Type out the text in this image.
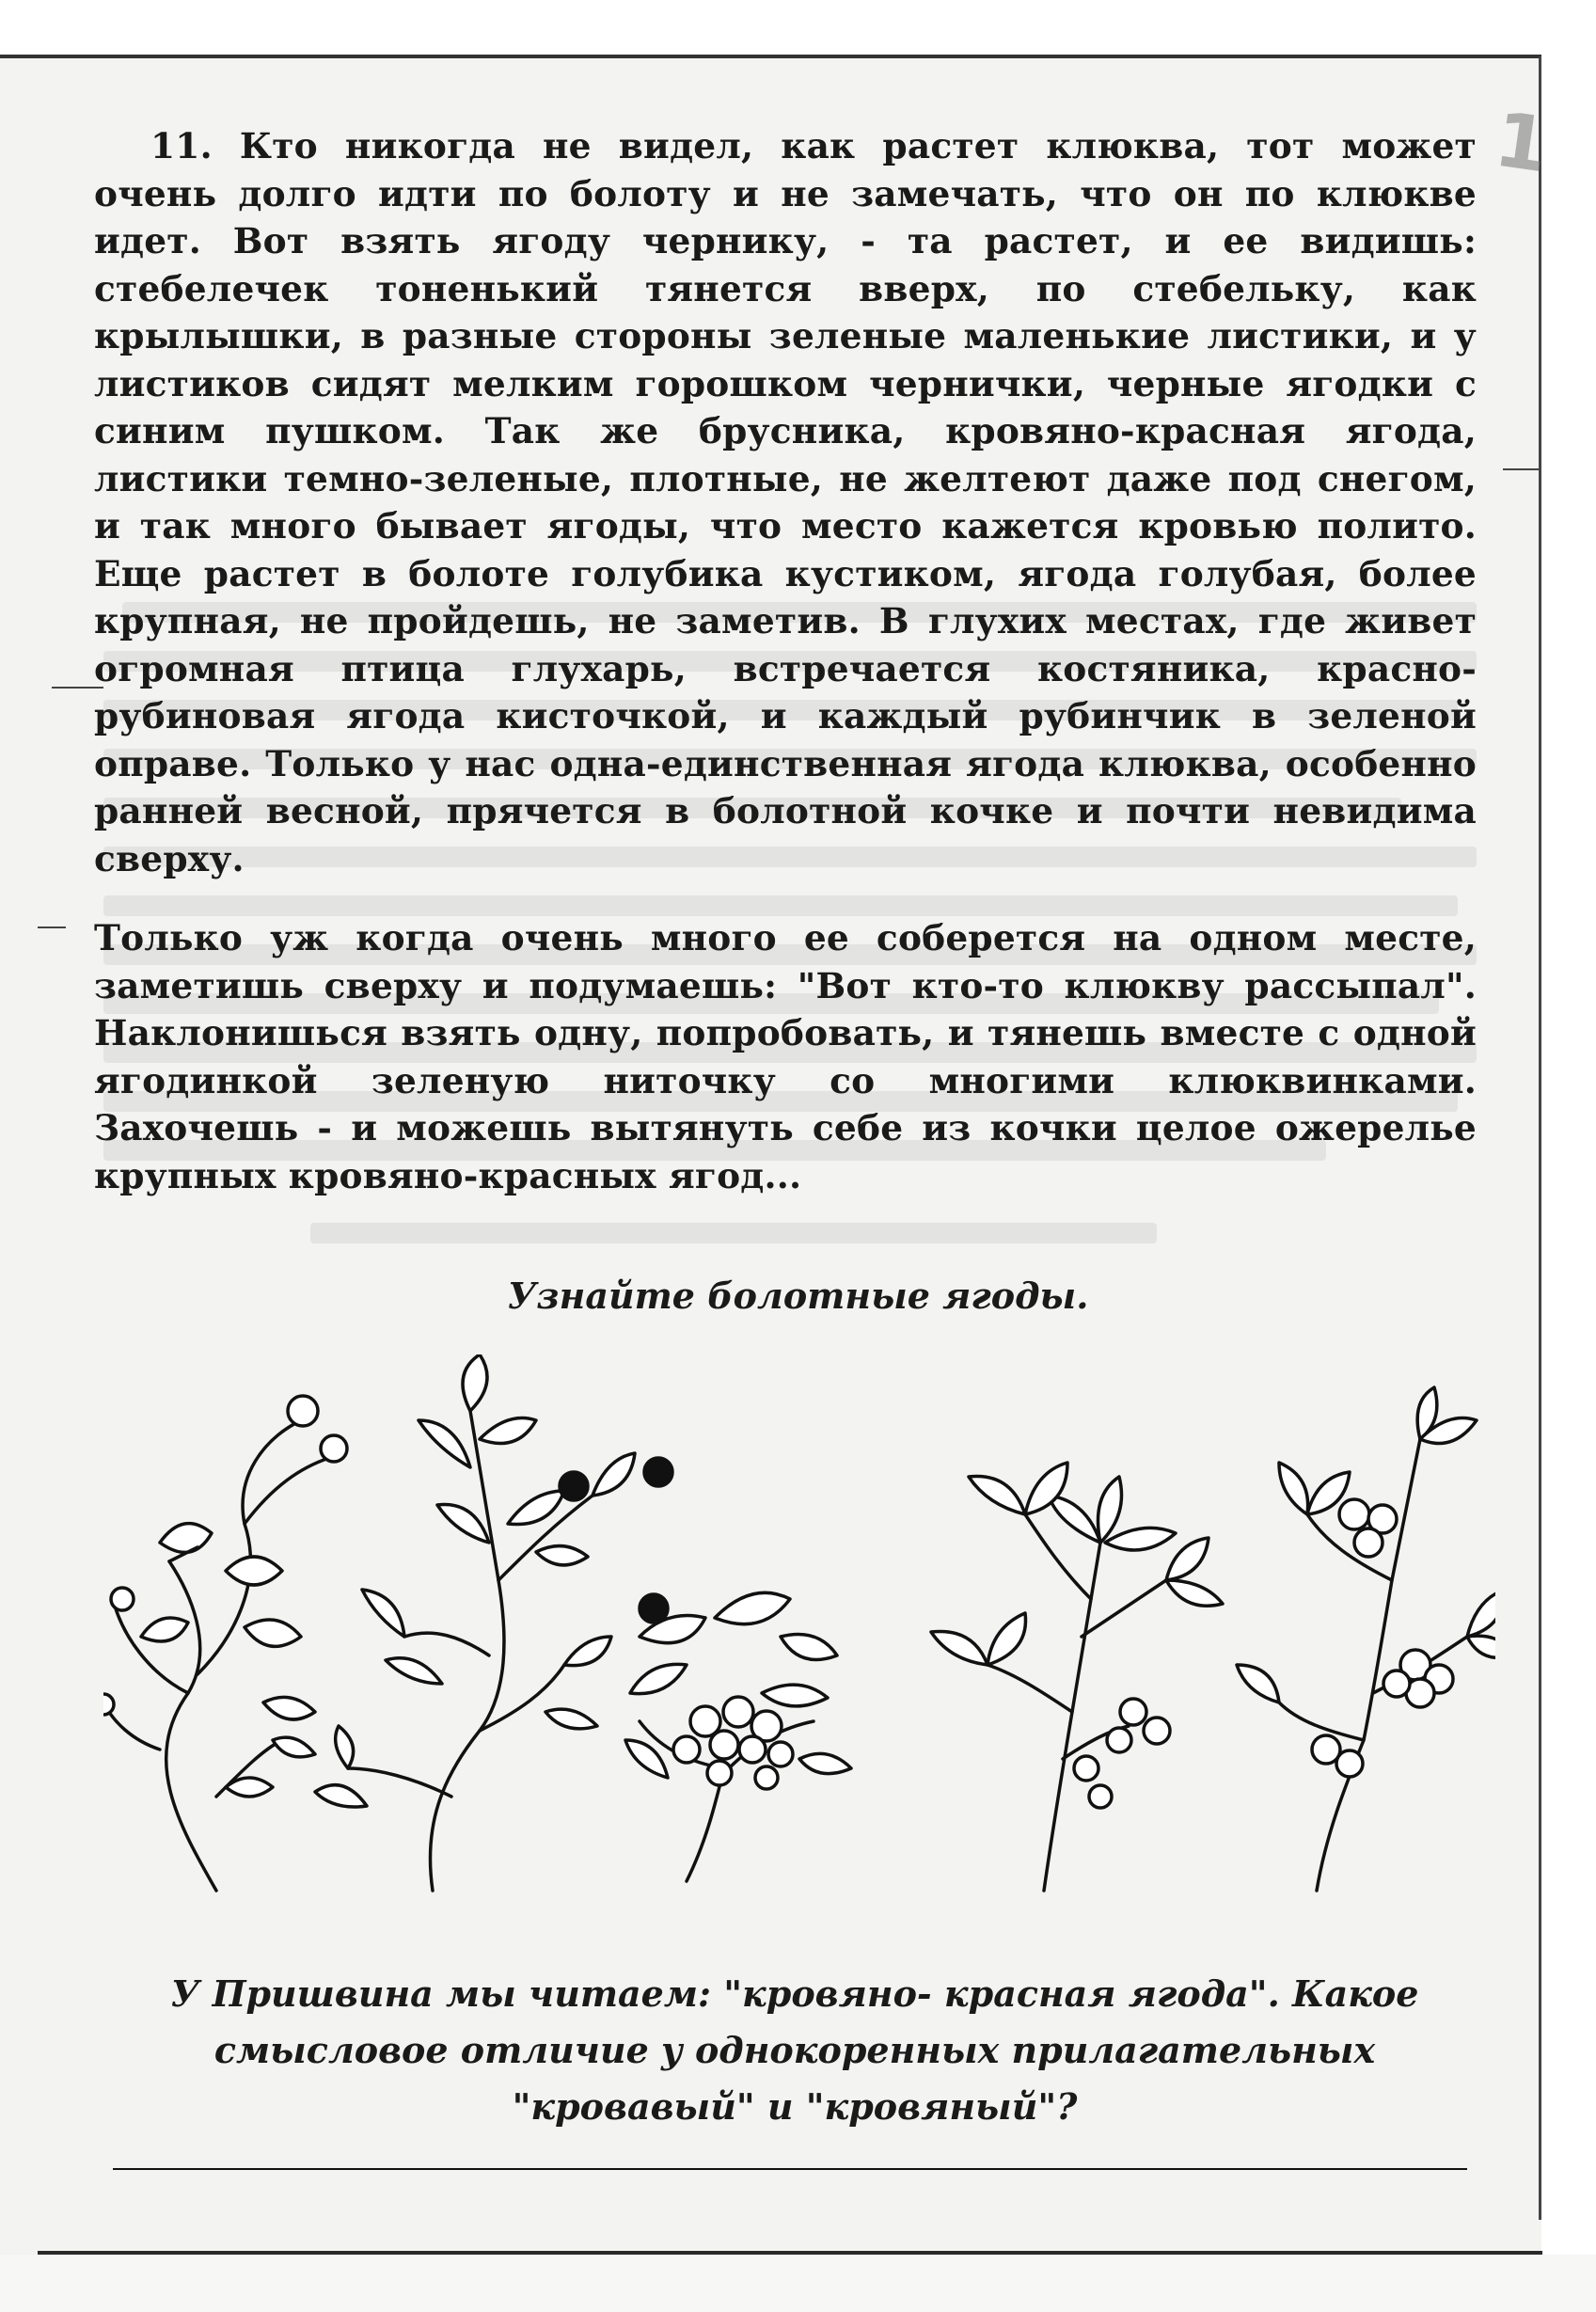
1

11. Кто никогда не видел, как растет клюква, тот может очень долго идти по болоту и не замечать, что он по клюкве идет. Вот взять ягоду чернику, - та растет, и ее видишь: стебелечек тоненький тянется вверх, по стебельку, как крылышки, в разные стороны зеленые маленькие листики, и у листиков сидят мелким горошком чернички, черные ягодки с синим пушком. Так же брусника, кровяно-красная ягода, листики темно-зеленые, плотные, не желтеют даже под снегом, и так много бывает ягоды, что место кажется кровью полито. Еще растет в болоте голубика кустиком, ягода голубая, более крупная, не пройдешь, не заметив. В глухих местах, где живет огромная птица глухарь, встречается костяника, красно-рубиновая ягода кисточкой, и каждый рубинчик в зеленой оправе. Только у нас одна-единственная ягода клюква, особенно ранней весной, прячется в болотной кочке и почти невидима сверху.

Только уж когда очень много ее соберется на одном месте, заметишь сверху и подумаешь: "Вот кто-то клюкву рассыпал". Наклонишься взять одну, попробовать, и тянешь вместе с одной ягодинкой зеленую ниточку со многими клюквинками. Захочешь - и можешь вытянуть себе из кочки целое ожерелье крупных кровяно-красных ягод...

Узнайте болотные ягоды.

У Пришвина мы читаем: "кровяно- красная ягода". Какое
смысловое отличие у однокоренных прилагательных
"кровавый" и "кровяный"?
